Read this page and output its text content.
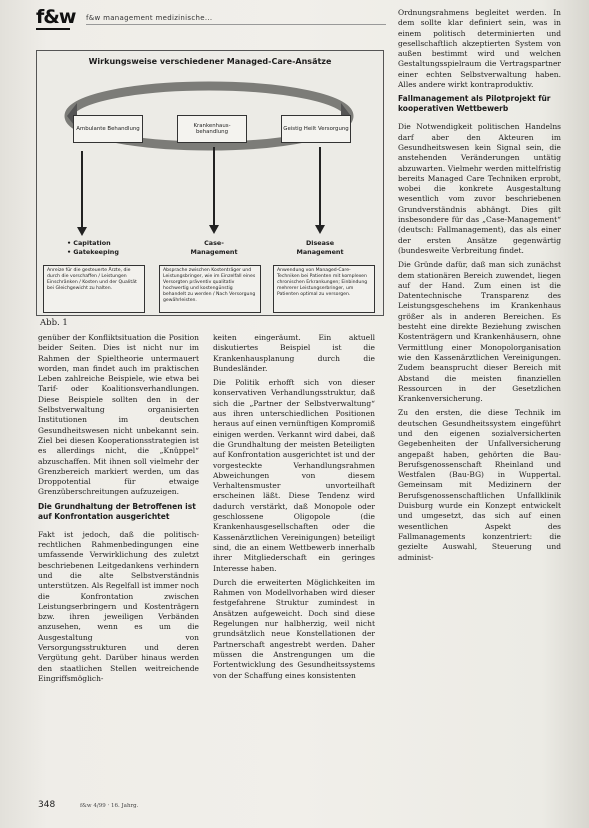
f&w f&w management medizinische...
Wirkungsweise verschiedener Managed-Care-Ansätze
Ambulante Behandlung
Krankenhaus-behandlung
Geistig Heilt Versorgung
• Capitation
• Gatekeeping
Case-
Management
Disease
Management
Anreize für die gesteuerte Ärzte, die durch die vorschaffen / Leistungen Einschränken / Kosten und der Qualität bei Gleichgewicht zu halten.
Absprache zwischen Kostenträger und Leistungsbringer, wie im Einzelfall eines Versorgten präventiv qualitativ hochwertig und kostengünstig behandelt zu werden / Nach Versorgung gewährleisten.
Anwendung von Managed-Care-Techniken bei Patienten mit komplexen chronischen Erkrankungen; Einbindung mehrerer Leistungserbringer, um Patienten optimal zu versorgen.
Abb. 1

genüber der Konfliktsituation die Position beider Seiten. Dies ist nicht nur im Rahmen der Spieltheorie untermauert worden, man findet auch im praktischen Leben zahlreiche Beispiele, wie etwa bei Tarif- oder Koalitionsverhandlungen. Diese Beispiele sollten den in der Selbstverwaltung organisierten Institutionen im deutschen Gesundheitswesen nicht unbekannt sein. Ziel bei diesen Kooperationsstrategien ist es allerdings nicht, die „Knüppel“ abzuschaffen. Mit ihnen soll vielmehr der Grenzbereich markiert werden, um das Droppotential für etwaige Grenzüberschreitungen aufzuzeigen.

Die Grundhaltung der Betroffenen ist auf Konfrontation ausgerichtet

Fakt ist jedoch, daß die politisch-rechtlichen Rahmenbedingungen eine umfassende Verwirklichung des zuletzt beschriebenen Leitgedankens verhindern und die alte Selbstverständnis unterstützen. Als Regelfall ist immer noch die Konfrontation zwischen Leistungserbringern und Kostenträgern bzw. ihren jeweiligen Verbänden anzusehen, wenn es um die Ausgestaltung von Versorgungsstrukturen und deren Vergütung geht. Darüber hinaus werden den staatlichen Stellen weitreichende Eingriffsmöglich-

keiten eingeräumt. Ein aktuell diskutiertes Beispiel ist die Krankenhausplanung durch die Bundesländer.

Die Politik erhofft sich von dieser konservativen Verhandlungsstruktur, daß sich die „Partner der Selbstverwaltung“ aus ihren unterschiedlichen Positionen heraus auf einen vernünftigen Kompromiß einigen werden. Verkannt wird dabei, daß die Grundhaltung der meisten Beteiligten auf Konfrontation ausgerichtet ist und der vorgesteckte Verhandlungsrahmen Abweichungen von diesem Verhaltensmuster unvorteilhaft erscheinen läßt. Diese Tendenz wird dadurch verstärkt, daß Monopole oder geschlossene Oligopole (die Krankenhausgesellschaften oder die Kassenärztlichen Vereinigungen) beteiligt sind, die an einem Wettbewerb innerhalb ihrer Mitgliederschaft ein geringes Interesse haben.

Durch die erweiterten Möglichkeiten im Rahmen von Modellvorhaben wird dieser festgefahrene Struktur zumindest in Ansätzen aufgeweicht. Doch sind diese Regelungen nur halbherzig, weil nicht grundsätzlich neue Konstellationen der Partnerschaft angestrebt werden. Daher müssen die Anstrengungen um die Fortentwicklung des Gesundheitssystems von der Schaffung eines konsistenten

Ordnungsrahmens begleitet werden. In dem sollte klar definiert sein, was in einem politisch determinierten und gesellschaftlich akzeptierten System von außen bestimmt wird und welchen Gestaltungsspielraum die Vertragspartner einer echten Selbstverwaltung haben. Alles andere wirkt kontraproduktiv.

Fallmanagement als Pilotprojekt für kooperativen Wettbewerb

Die Notwendigkeit politischen Handelns darf aber den Akteuren im Gesundheitswesen kein Signal sein, die anstehenden Veränderungen untätig abzuwarten. Vielmehr werden mittelfristig bereits Managed Care Techniken erprobt, wobei die konkrete Ausgestaltung wesentlich vom zuvor beschriebenen Grundverständnis abhängt. Dies gilt insbesondere für das „Case-Management“ (deutsch: Fallmanagement), das als einer der ersten Ansätze gegenwärtig (bundesweite Verbreitung findet.

Die Gründe dafür, daß man sich zunächst dem stationären Bereich zuwendet, liegen auf der Hand. Zum einen ist die Datentechnische Transparenz des Leistungsgeschehens im Krankenhaus größer als in anderen Bereichen. Es besteht eine direkte Beziehung zwischen Kostenträgern und Krankenhäusern, ohne Vermittlung einer Monopolorganisation wie den Kassenärztlichen Vereinigungen. Zudem beansprucht dieser Bereich mit Abstand die meisten finanziellen Ressourcen in der Gesetzlichen Krankenversicherung.

Zu den ersten, die diese Technik im deutschen Gesundheitssystem eingeführt und den eigenen sozialversicherten Gegebenheiten der Unfallversicherung angepaßt haben, gehörten die Bau-Berufsgenossenschaft Rheinland und Westfalen (Bau-BG) in Wuppertal. Gemeinsam mit Medizinern der Berufsgenossenschaftlichen Unfallklinik Duisburg wurde ein Konzept entwickelt und umgesetzt, das sich auf einen wesentlichen Aspekt des Fallmanagements konzentriert: die gezielte Auswahl, Steuerung und administ-

348	f&w 4/99 · 16. Jahrg.
